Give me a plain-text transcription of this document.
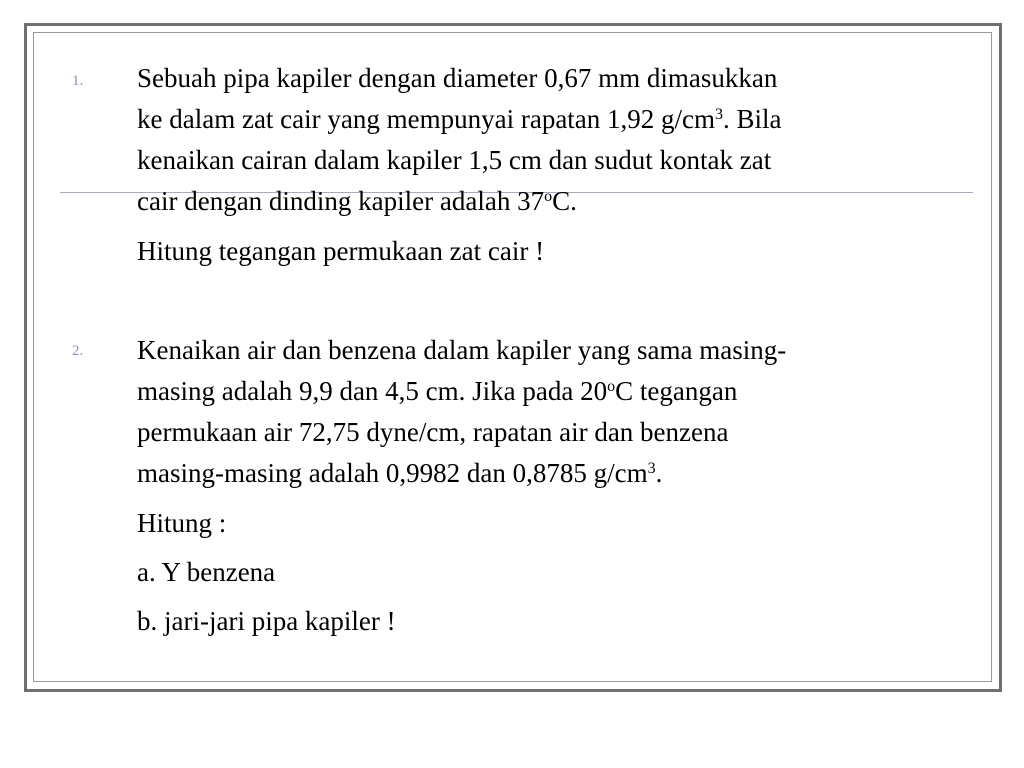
1. Sebuah pipa kapiler dengan diameter 0,67 mm dimasukkan
ke dalam zat cair yang mempunyai rapatan 1,92 $g/cm^3$. Bila
kenaikan cairan dalam kapiler 1,5 cm dan sudut kontak zat
cair dengan dinding kapiler adalah 37$^o$C.

Hitung tegangan permukaan zat cair !

2. Kenaikan air dan benzena dalam kapiler yang sama masing-
masing adalah 9,9 dan 4,5 cm. Jika pada 20$^o$C tegangan
permukaan air 72,75 dyne/cm, rapatan air dan benzena
masing-masing adalah 0,9982 dan 0,8785 $g/cm^3$.

Hitung :

a. Y benzena

b. jari-jari pipa kapiler !
